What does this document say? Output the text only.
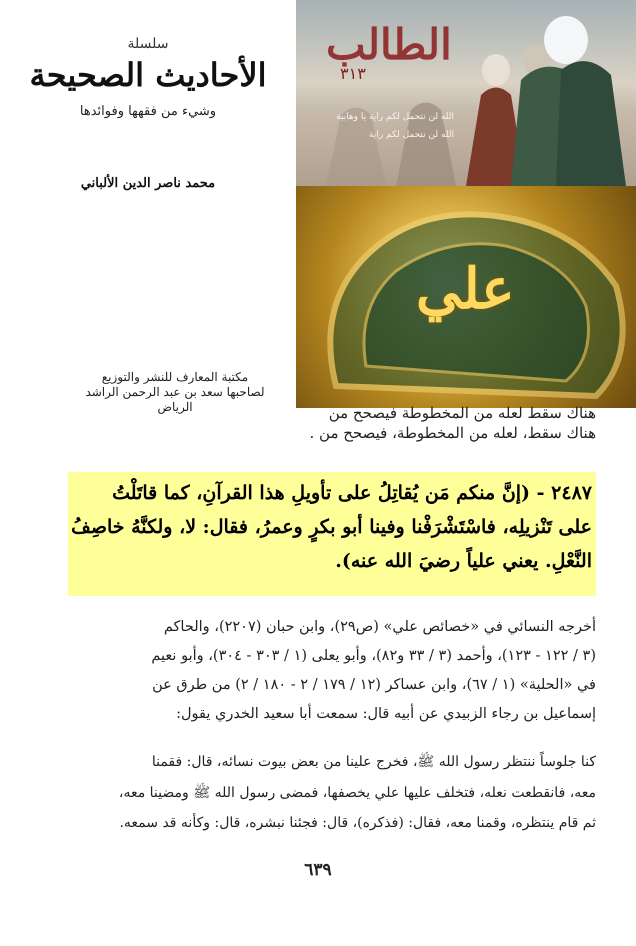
سلسلة
الأحاديث الصحيحة
وشيء من فقهها وفوائدها
محمد ناصر الدين الألباني
مكتبة المعارف للنشر والتوزيع
لصاحبها سعد بن عبد الرحمن الراشد
الرياض
الطالب
٣١٣
الله لن نتحمل لكم راية يا وهابية
الله لن نتحمل لكم راية
علي
هناك سقط لعله من المخطوطة فيصحح من
هناك سقط، لعله من المخطوطة، فيصحح من .
٢٤٨٧ - (إنَّ منكم مَن يُقاتِلُ على تأويلِ هذا القرآنِ، كما قاتَلْتُ
على تَنْزيلِه، فاسْتَشْرَفْنا وفينا أبو بكرٍ وعمرُ، فقال: لا، ولكنَّهُ خاصِفُ
النَّعْلِ. يعني علياً رضيَ الله عنه).
أخرجه النسائي في «خصائص علي» (ص٢٩)، وابن حبان (٢٢٠٧)، والحاكم
(٣ / ١٢٢ - ١٢٣)، وأحمد (٣ / ٣٣ و٨٢)، وأبو يعلى (١ / ٣٠٣ - ٣٠٤)، وأبو نعيم
في «الحلية» (١ / ٦٧)، وابن عساكر (١٢ / ١٧٩ / ٢ - ١٨٠ / ٢) من طرق عن
إسماعيل بن رجاء الزبيدي عن أبيه قال: سمعت أبا سعيد الخدري يقول:
كنا جلوساً ننتظر رسول الله ﷺ، فخرج علينا من بعض بيوت نسائه، قال: فقمنا
معه، فانقطعت نعله، فتخلف عليها علي يخصفها، فمضى رسول الله ﷺ ومضينا معه،
ثم قام ينتظره، وقمنا معه، فقال: (فذكره)، قال: فجئنا نبشره، قال: وكأنه قد سمعه.
٦٣٩
